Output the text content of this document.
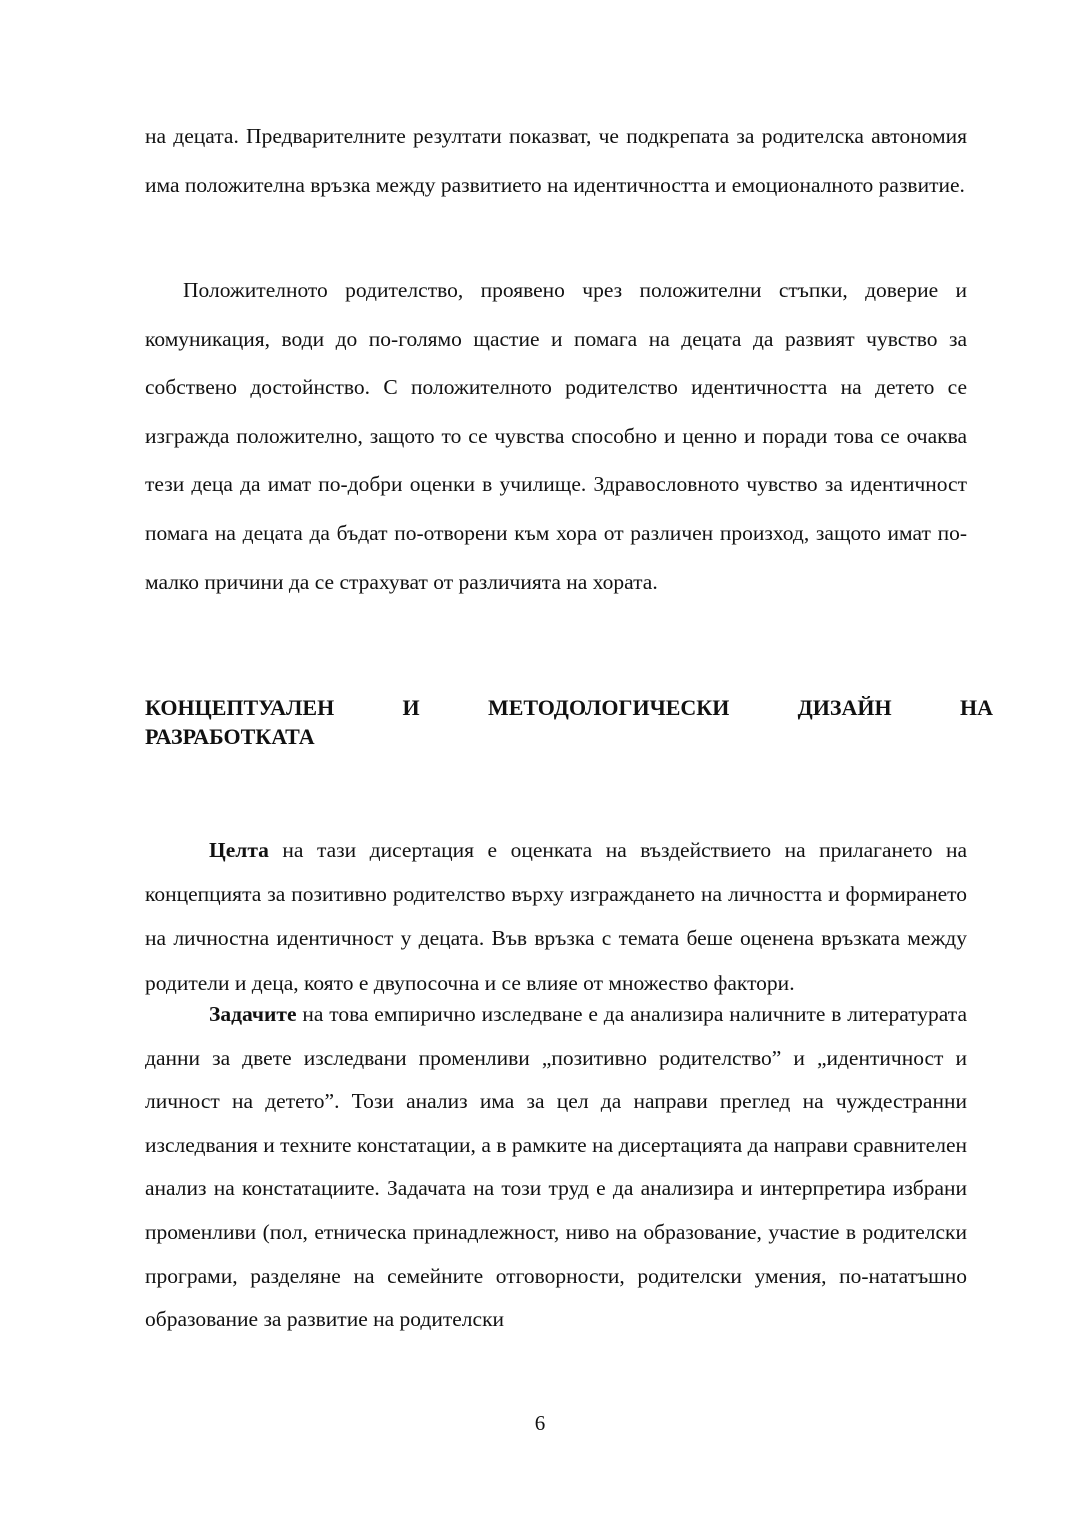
на децата. Предварителните резултати показват, че подкрепата за родителска автономия има положителна връзка между развитието на идентичността и емоционалното развитие.

Положителното родителство, проявено чрез положителни стъпки, доверие и комуникация, води до по-голямо щастие и помага на децата да развият чувство за собствено достойнство. С положителното родителство идентичността на детето се изгражда положително, защото то се чувства способно и ценно и поради това се очаква тези деца да имат по-добри оценки в училище. Здравословното чувство за идентичност помага на децата да бъдат по-отворени към хора от различен произход, защото имат по-малко причини да се страхуват от различията на хората.

КОНЦЕПТУАЛЕН	И	МЕТОДОЛОГИЧЕСКИ	ДИЗАЙН	НА
РАЗРАБОТКАТА

Целта на тази дисертация е оценката на въздействието на прилагането на концепцията за позитивно родителство върху изграждането на личността и формирането на личностна идентичност у децата. Във връзка с темата беше оценена връзката между родители и деца, която е двупосочна и се влияе от множество фактори.

Задачите на това емпирично изследване е да анализира наличните в литературата данни за двете изследвани променливи „позитивно родителство” и „идентичност и личност на детето”. Този анализ има за цел да направи преглед на чуждестранни изследвания и техните констатации, а в рамките на дисертацията да направи сравнителен анализ на констатациите. Задачата на този труд е да анализира и интерпретира избрани променливи (пол, етническа принадлежност, ниво на образование, участие в родителски програми, разделяне на семейните отговорности, родителски умения, по-нататъшно образование за развитие на родителски

6
